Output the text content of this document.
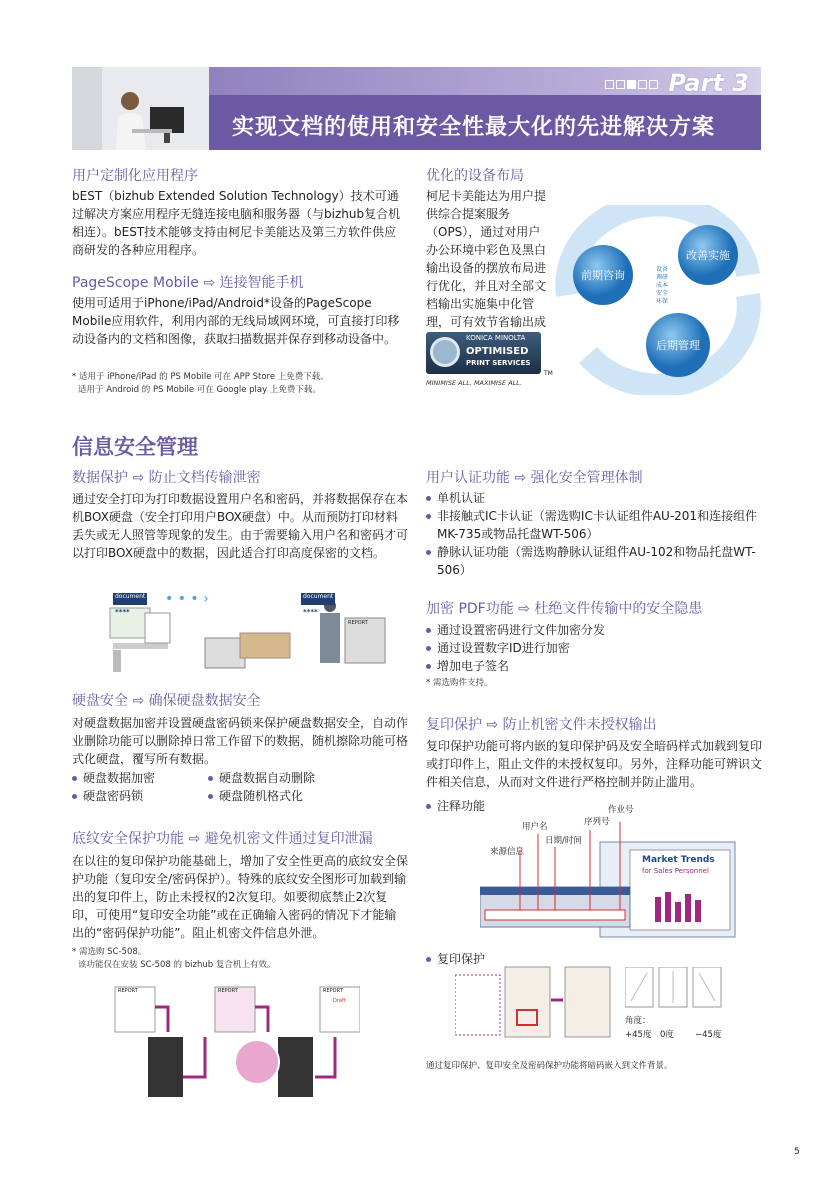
Part 3
实现文档的使用和安全性最大化的先进解决方案
用户定制化应用程序
bEST（bizhub Extended Solution Technology）技术可通过解决方案应用程序无缝连接电脑和服务器（与bizhub复合机相连）。bEST技术能够支持由柯尼卡美能达及第三方软件供应商研发的各种应用程序。
PageScope Mobile ⇨ 连接智能手机
使用可适用于iPhone/iPad/Android*设备的PageScope Mobile应用软件，利用内部的无线局域网环境，可直接打印移动设备内的文档和图像，获取扫描数据并保存到移动设备中。
* 适用于 iPhone/iPad 的 PS Mobile 可在 APP Store 上免费下载。
适用于 Android 的 PS Mobile 可在 Google play 上免费下载。
优化的设备布局
柯尼卡美能达为用户提供综合提案服务（OPS），通过对用户办公环境中彩色及黑白输出设备的摆放布局进行优化，并且对全部文档输出实施集中化管理，可有效节省输出成
前期咨询
改善实施
后期管理
设备
调研
成本
安全
环保
KONICA MINOLTA
OPTIMISED
PRINT SERVICES
TM
MINIMISE ALL. MAXIMISE ALL.
信息安全管理
数据保护 ⇨ 防止文档传输泄密
通过安全打印为打印数据设置用户名和密码，并将数据保存在本机BOX硬盘（安全打印用户BOX硬盘）中。从而预防打印材料丢失或无人照管等现象的发生。由于需要输入用户名和密码才可以打印BOX硬盘中的数据，因此适合打印高度保密的文档。
• • • ›
document	document
****	****
REPORT
硬盘安全 ⇨ 确保硬盘数据安全
对硬盘数据加密并设置硬盘密码锁来保护硬盘数据安全，自动作业删除功能可以删除掉日常工作留下的数据，随机擦除功能可格式化硬盘，覆写所有数据。
硬盘数据加密
硬盘密码锁
硬盘数据自动删除
硬盘随机格式化
底纹安全保护功能 ⇨ 避免机密文件通过复印泄漏
在以往的复印保护功能基础上，增加了安全性更高的底纹安全保护功能（复印安全/密码保护）。特殊的底纹安全图形可加载到输出的复印件上，防止未授权的2次复印。如要彻底禁止2次复印，可使用“复印安全功能”或在正确输入密码的情况下才能输出的“密码保护功能”。阻止机密文件信息外泄。
* 需选购 SC-508。
该功能仅在安装 SC-508 的 bizhub 复合机上有效。
REPORT	REPORT	REPORT
Draft
用户认证功能 ⇨ 强化安全管理体制
单机认证
非接触式IC卡认证（需选购IC卡认证组件AU-201和连接组件MK-735或物品托盘WT-506）
静脉认证功能（需选购静脉认证组件AU-102和物品托盘WT-506）
加密 PDF功能 ⇨ 杜绝文件传输中的安全隐患
通过设置密码进行文件加密分发
通过设置数字ID进行加密
增加电子签名
* 需选购件支持。
复印保护 ⇨ 防止机密文件未授权输出
复印保护功能可将内嵌的复印保护码及安全暗码样式加载到复印或打印件上，阻止文件的未授权复印。另外，注释功能可辨识文件相关信息，从而对文件进行严格控制并防止滥用。
注释功能	作业号
用户名	序列号
日期/时间
来源信息
Market Trends
for Sales Personnel
复印保护
角度：
+45度 0度 −45度
通过复印保护、复印安全及密码保护功能将暗码嵌入到文件背景。
5
